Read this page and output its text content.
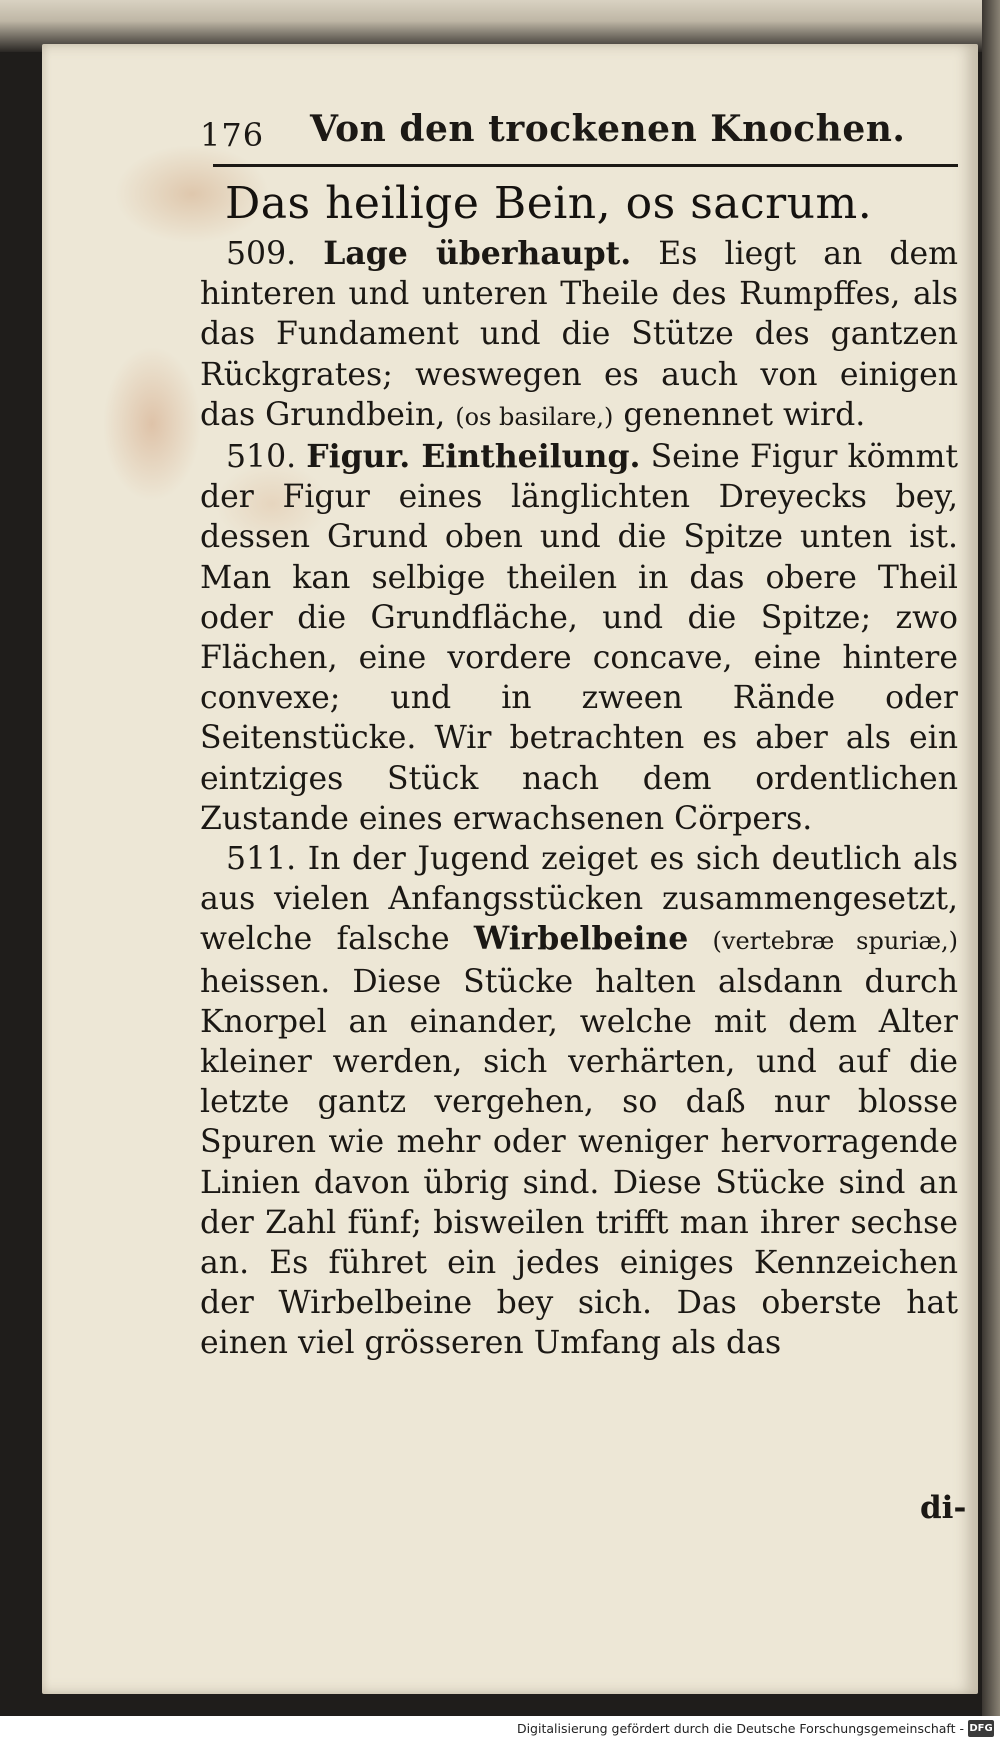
176 Von den trockenen Knochen.
Das heilige Bein, os sacrum.

509. Lage überhaupt. Es liegt an dem hinteren und unteren Theile des Rumpffes, als das Fundament und die Stütze des gantzen Rückgrates; weswegen es auch von einigen das Grundbein, (os basilare,) genennet wird.

510. Figur. Eintheilung. Seine Figur kömmt der Figur eines länglichten Dreyecks bey, dessen Grund oben und die Spitze unten ist. Man kan selbige theilen in das obere Theil oder die Grundfläche, und die Spitze; zwo Flächen, eine vordere concave, eine hintere convexe; und in zween Rände oder Seitenstücke. Wir betrachten es aber als ein eintziges Stück nach dem ordentlichen Zustande eines erwachsenen Cörpers.

511. In der Jugend zeiget es sich deutlich als aus vielen Anfangsstücken zusammengesetzt, welche falsche Wirbelbeine (vertebræ spuriæ,) heissen. Diese Stücke halten alsdann durch Knorpel an einander, welche mit dem Alter kleiner werden, sich verhärten, und auf die letzte gantz vergehen, so daß nur blosse Spuren wie mehr oder weniger hervorragende Linien davon übrig sind. Diese Stücke sind an der Zahl fünf; bisweilen trifft man ihrer sechse an. Es führet ein jedes einiges Kennzeichen der Wirbelbeine bey sich. Das oberste hat einen viel grösseren Umfang als das

di-
Digitalisierung gefördert durch die Deutsche Forschungsgemeinschaft - DFG
